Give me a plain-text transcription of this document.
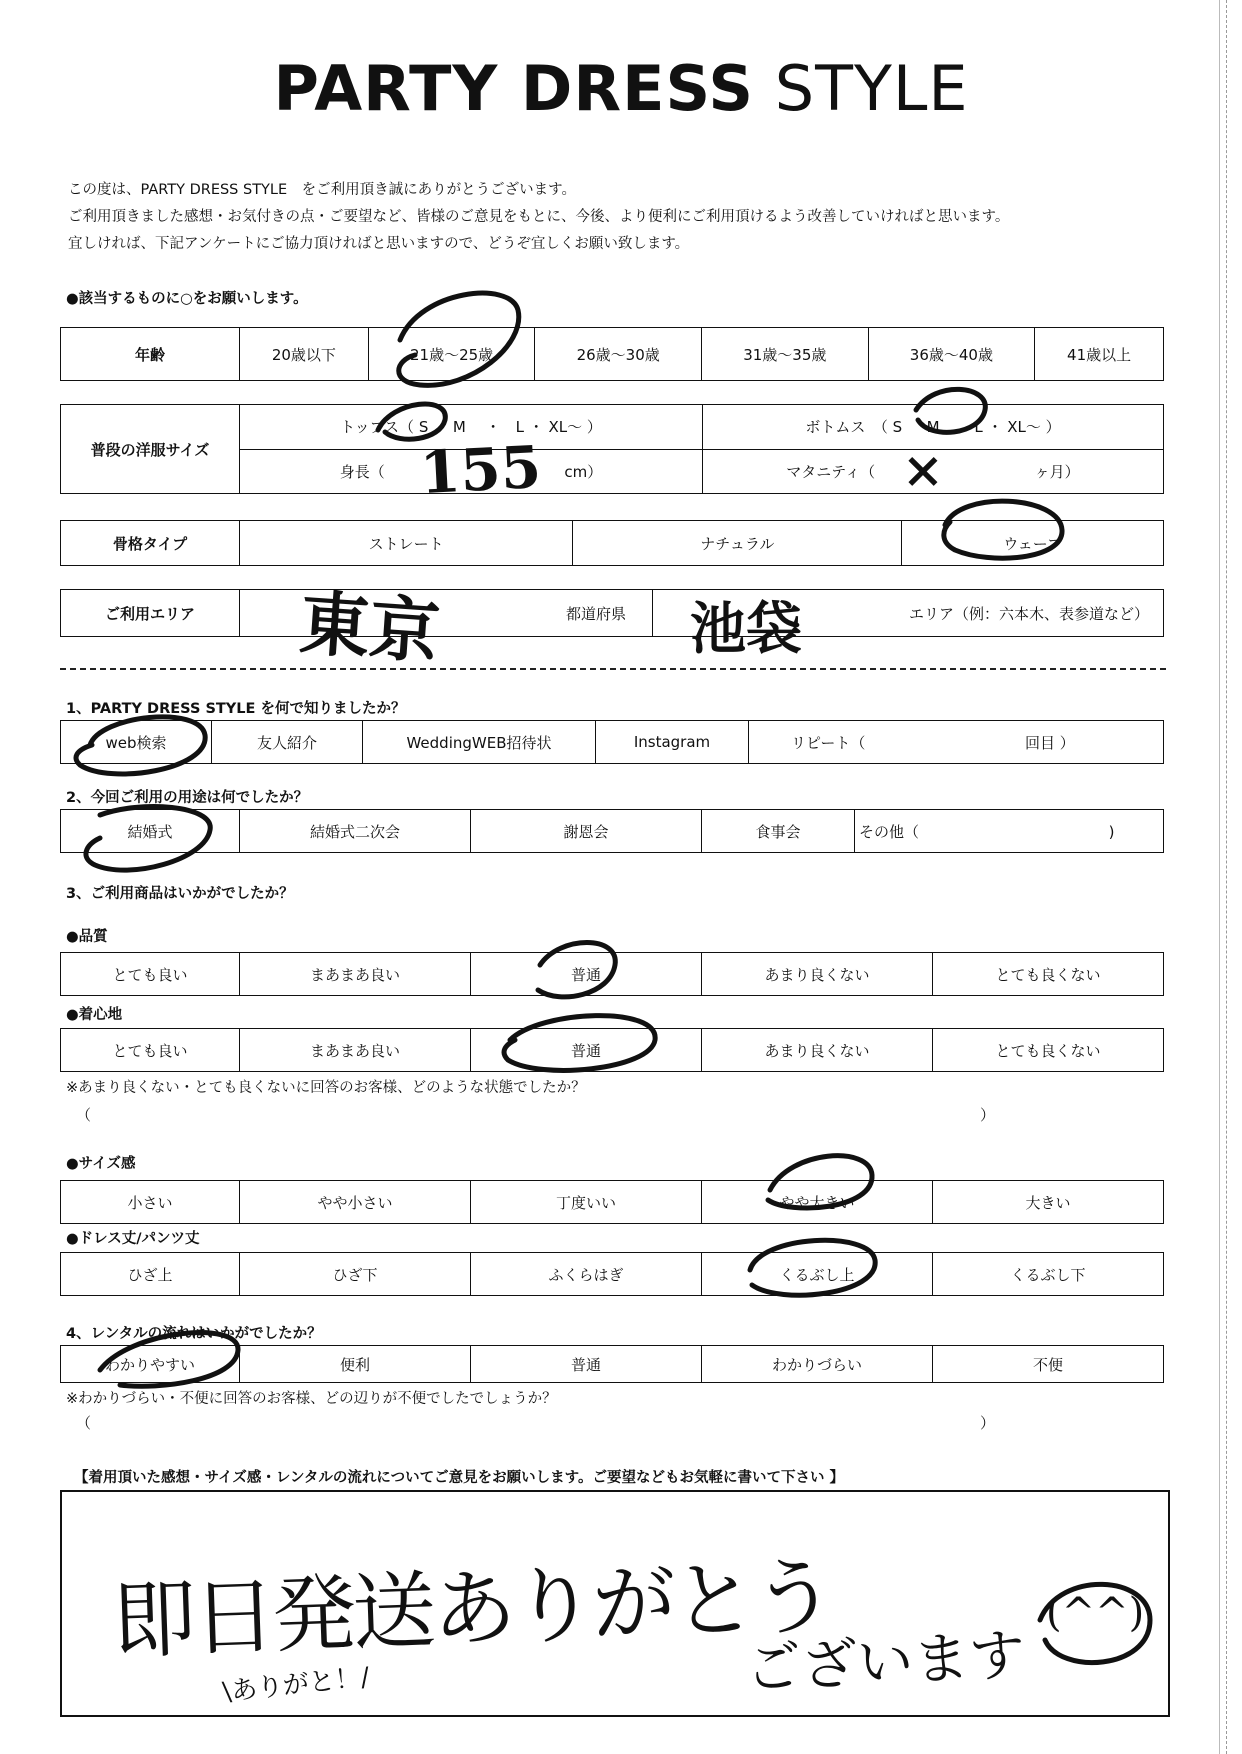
PARTY DRESS STYLE
この度は、PARTY DRESS STYLE　をご利用頂き誠にありがとうございます。
ご利用頂きました感想・お気付きの点・ご要望など、皆様のご意見をもとに、今後、より便利にご利用頂けるよう改善していければと思います。
宜しければ、下記アンケートにご協力頂ければと思いますので、どうぞ宜しくお願い致します。
●該当するものに○をお願いします。
年齢	20歳以下	21歳～25歳	26歳～30歳	31歳～35歳	36歳～40歳	41歳以上
普段の洋服サイズ	トップス（ S 　 M 　・　L ・ XL～ ）	ボトムス　（ S 　 M 　　L ・ XL～ ）
	身長（ cm）	マタニティ（ ヶ月）
骨格タイプ	ストレート	ナチュラル	ウェーブ
ご利用エリア	都道府県	エリア（例：六本木、表参道など）
1、PARTY DRESS STYLE を何で知りましたか？
web検索	友人紹介	WeddingWEB招待状	Instagram	リピート（	回目 ）
2、今回ご利用の用途は何でしたか？
結婚式	結婚式二次会	謝恩会	食事会	その他（	)
3、ご利用商品はいかがでしたか？
●品質
とても良い	まあまあ良い	普通	あまり良くない	とても良くない
●着心地
とても良い	まあまあ良い	普通	あまり良くない	とても良くない
※あまり良くない・とても良くないに回答のお客様、どのような状態でしたか？
（	）
●サイズ感
小さい	やや小さい	丁度いい	やや大きい	大きい
●ドレス丈/パンツ丈
ひざ上	ひざ下	ふくらはぎ	くるぶし上	くるぶし下
4、レンタルの流れはいかがでしたか？
わかりやすい	便利	普通	わかりづらい	不便
※わかりづらい・不便に回答のお客様、どの辺りが不便でしたでしょうか？
（	）
【着用頂いた感想・サイズ感・レンタルの流れについてご意見をお願いします。ご要望などもお気軽に書いて下さい 】
155	×
東京	池袋
即日発送ありがとう
ございます
\ありがと！/
(^^)
